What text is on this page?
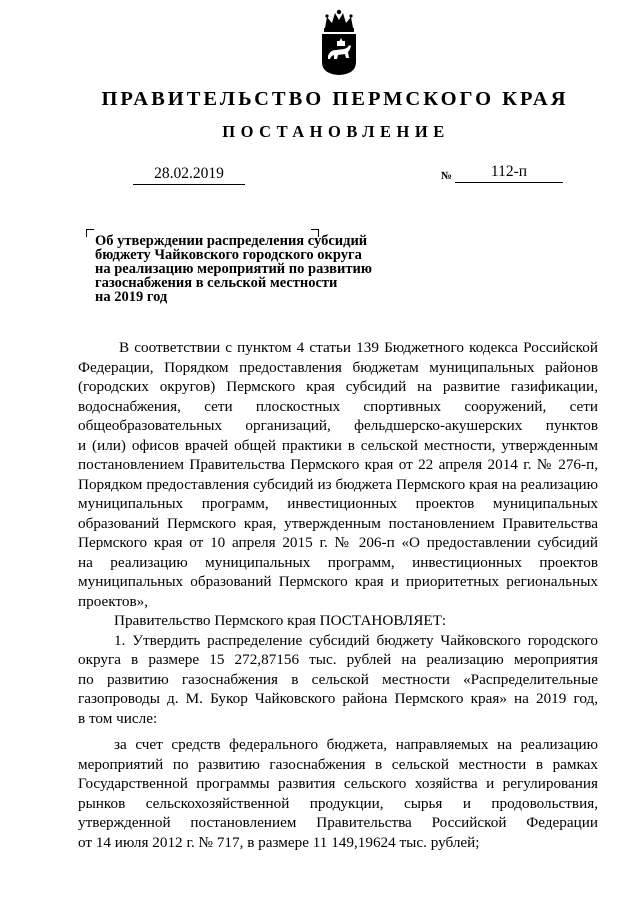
ПРАВИТЕЛЬСТВО ПЕРМСКОГО КРАЯ
ПОСТАНОВЛЕНИЕ
28.02.2019	№	112-п
Об утверждении распределения субсидий
бюджету Чайковского городского округа
на реализацию мероприятий по развитию
газоснабжения в сельской местности
на 2019 год
В соответствии с пунктом 4 статьи 139 Бюджетного кодекса Российской
Федерации, Порядком предоставления бюджетам муниципальных районов
(городских округов) Пермского края субсидий на развитие газификации,
водоснабжения, сети плоскостных спортивных сооружений, сети
общеобразовательных организаций, фельдшерско-акушерских пунктов
и (или) офисов врачей общей практики в сельской местности, утвержденным
постановлением Правительства Пермского края от 22 апреля 2014 г. № 276-п,
Порядком предоставления субсидий из бюджета Пермского края на реализацию
муниципальных программ, инвестиционных проектов муниципальных
образований Пермского края, утвержденным постановлением Правительства
Пермского края от 10 апреля 2015 г. № 206-п «О предоставлении субсидий
на реализацию муниципальных программ, инвестиционных проектов
муниципальных образований Пермского края и приоритетных региональных
проектов»,
Правительство Пермского края ПОСТАНОВЛЯЕТ:
1. Утвердить распределение субсидий бюджету Чайковского городского
округа в размере 15 272,87156 тыс. рублей на реализацию мероприятия
по развитию газоснабжения в сельской местности «Распределительные
газопроводы д. М. Букор Чайковского района Пермского края» на 2019 год,
в том числе:
за счет средств федерального бюджета, направляемых на реализацию
мероприятий по развитию газоснабжения в сельской местности в рамках
Государственной программы развития сельского хозяйства и регулирования
рынков сельскохозяйственной продукции, сырья и продовольствия,
утвержденной постановлением Правительства Российской Федерации
от 14 июля 2012 г. № 717, в размере 11 149,19624 тыс. рублей;
